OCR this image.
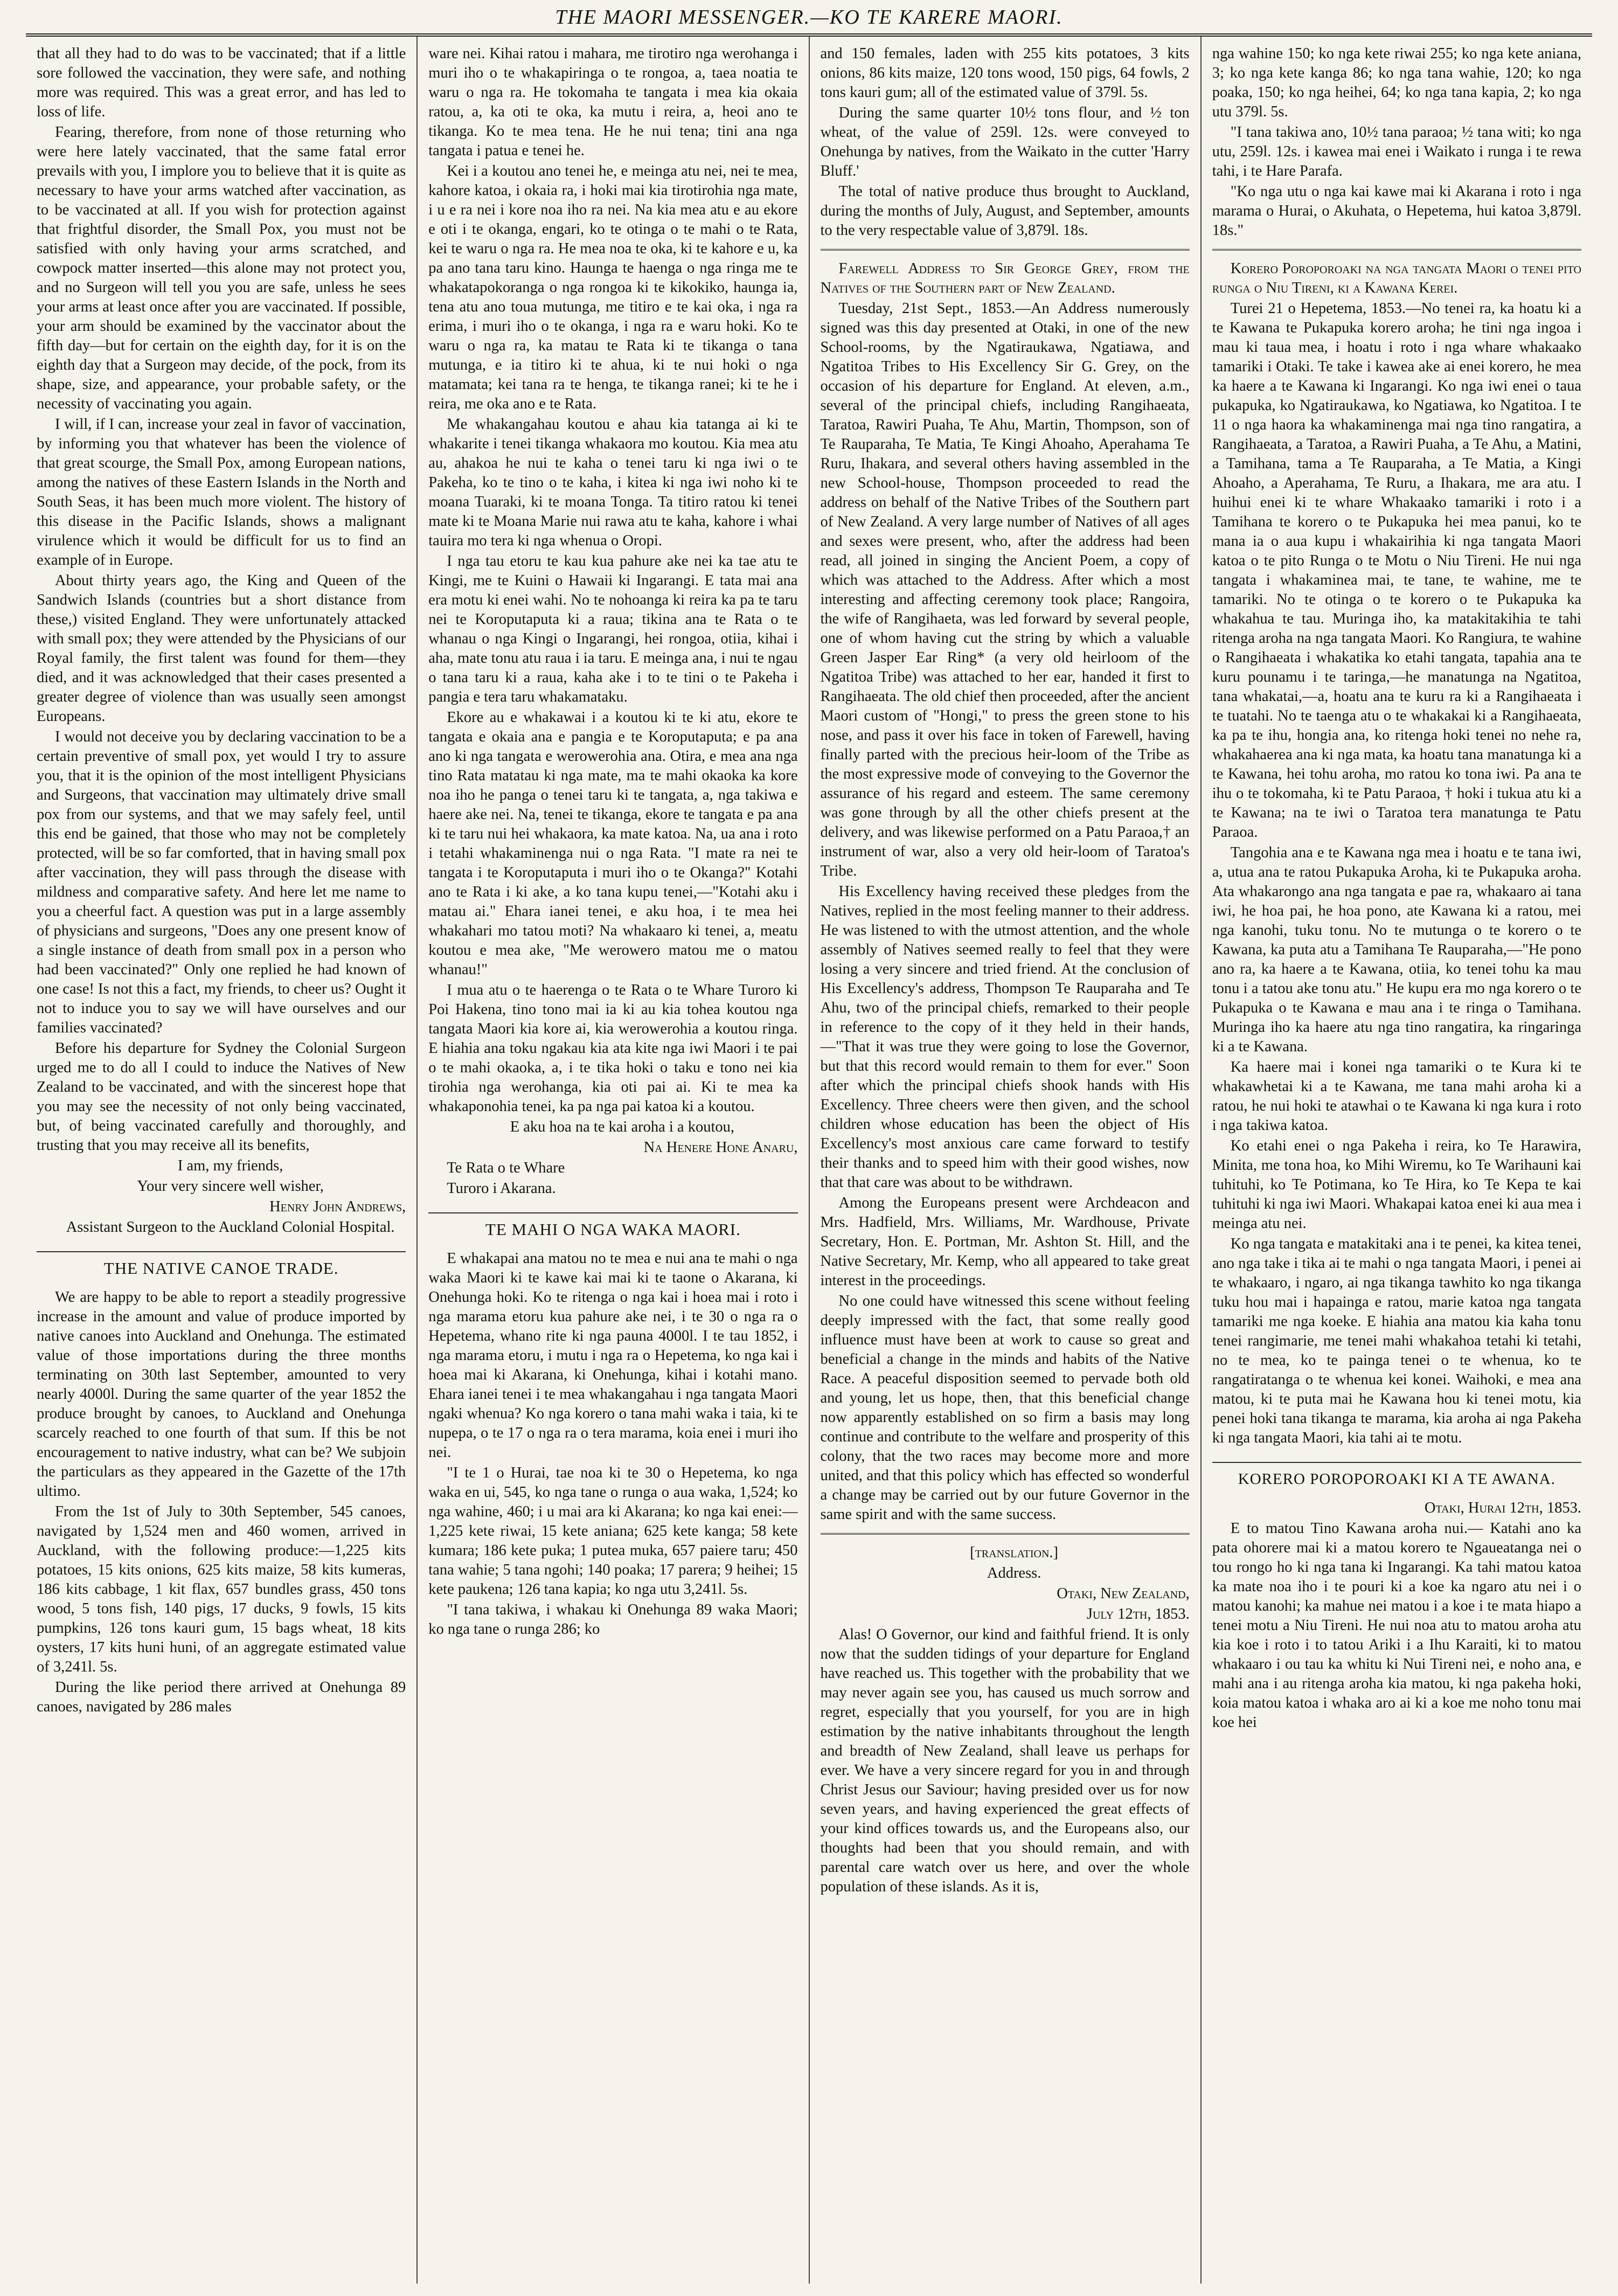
THE MAORI MESSENGER.—KO TE KARERE MAORI.

that all they had to do was to be vaccinated; that if a little sore followed the vaccination, they were safe, and nothing more was required. This was a great error, and has led to loss of life.

Fearing, therefore, from none of those returning who were here lately vaccinated, that the same fatal error prevails with you, I implore you to believe that it is quite as necessary to have your arms watched after vaccination, as to be vaccinated at all. If you wish for protection against that frightful disorder, the Small Pox, you must not be satisfied with only having your arms scratched, and cowpock matter inserted—this alone may not protect you, and no Surgeon will tell you you are safe, unless he sees your arms at least once after you are vaccinated. If possible, your arm should be examined by the vaccinator about the fifth day—but for certain on the eighth day, for it is on the eighth day that a Surgeon may decide, of the pock, from its shape, size, and appearance, your probable safety, or the necessity of vaccinating you again.

I will, if I can, increase your zeal in favor of vaccination, by informing you that whatever has been the violence of that great scourge, the Small Pox, among European nations, among the natives of these Eastern Islands in the North and South Seas, it has been much more violent. The history of this disease in the Pacific Islands, shows a malignant virulence which it would be difficult for us to find an example of in Europe.

About thirty years ago, the King and Queen of the Sandwich Islands (countries but a short distance from these,) visited England. They were unfortunately attacked with small pox; they were attended by the Physicians of our Royal family, the first talent was found for them—they died, and it was acknowledged that their cases presented a greater degree of violence than was usually seen amongst Europeans.

I would not deceive you by declaring vaccination to be a certain preventive of small pox, yet would I try to assure you, that it is the opinion of the most intelligent Physicians and Surgeons, that vaccination may ultimately drive small pox from our systems, and that we may safely feel, until this end be gained, that those who may not be completely protected, will be so far comforted, that in having small pox after vaccination, they will pass through the disease with mildness and comparative safety. And here let me name to you a cheerful fact. A question was put in a large assembly of physicians and surgeons, "Does any one present know of a single instance of death from small pox in a person who had been vaccinated?" Only one replied he had known of one case! Is not this a fact, my friends, to cheer us? Ought it not to induce you to say we will have ourselves and our families vaccinated?

Before his departure for Sydney the Colonial Surgeon urged me to do all I could to induce the Natives of New Zealand to be vaccinated, and with the sincerest hope that you may see the necessity of not only being vaccinated, but, of being vaccinated carefully and thoroughly, and trusting that you may receive all its benefits,

I am, my friends,

Your very sincere well wisher,

Henry John Andrews,

Assistant Surgeon to the Auckland Colonial Hospital.

THE NATIVE CANOE TRADE.

We are happy to be able to report a steadily progressive increase in the amount and value of produce imported by native canoes into Auckland and Onehunga. The estimated value of those importations during the three months terminating on 30th last September, amounted to very nearly 4000l. During the same quarter of the year 1852 the produce brought by canoes, to Auckland and Onehunga scarcely reached to one fourth of that sum. If this be not encouragement to native industry, what can be? We subjoin the particulars as they appeared in the Gazette of the 17th ultimo.

From the 1st of July to 30th September, 545 canoes, navigated by 1,524 men and 460 women, arrived in Auckland, with the following produce:—1,225 kits potatoes, 15 kits onions, 625 kits maize, 58 kits kumeras, 186 kits cabbage, 1 kit flax, 657 bundles grass, 450 tons wood, 5 tons fish, 140 pigs, 17 ducks, 9 fowls, 15 kits pumpkins, 126 tons kauri gum, 15 bags wheat, 18 kits oysters, 17 kits huni huni, of an aggregate estimated value of 3,241l. 5s.

During the like period there arrived at Onehunga 89 canoes, navigated by 286 males

ware nei. Kihai ratou i mahara, me tirotiro nga werohanga i muri iho o te whakapiringa o te rongoa, a, taea noatia te waru o nga ra. He tokomaha te tangata i mea kia okaia ratou, a, ka oti te oka, ka mutu i reira, a, heoi ano te tikanga. Ko te mea tena. He he nui tena; tini ana nga tangata i patua e tenei he.

Kei i a koutou ano tenei he, e meinga atu nei, nei te mea, kahore katoa, i okaia ra, i hoki mai kia tirotirohia nga mate, i u e ra nei i kore noa iho ra nei. Na kia mea atu e au ekore e oti i te okanga, engari, ko te otinga o te mahi o te Rata, kei te waru o nga ra. He mea noa te oka, ki te kahore e u, ka pa ano tana taru kino. Haunga te haenga o nga ringa me te whakatapokoranga o nga rongoa ki te kikokiko, haunga ia, tena atu ano toua mutunga, me titiro e te kai oka, i nga ra erima, i muri iho o te okanga, i nga ra e waru hoki. Ko te waru o nga ra, ka matau te Rata ki te tikanga o tana mutunga, e ia titiro ki te ahua, ki te nui hoki o nga matamata; kei tana ra te henga, te tikanga ranei; ki te he i reira, me oka ano e te Rata.

Me whakangahau koutou e ahau kia tatanga ai ki te whakarite i tenei tikanga whakaora mo koutou. Kia mea atu au, ahakoa he nui te kaha o tenei taru ki nga iwi o te Pakeha, ko te tino o te kaha, i kitea ki nga iwi noho ki te moana Tuaraki, ki te moana Tonga. Ta titiro ratou ki tenei mate ki te Moana Marie nui rawa atu te kaha, kahore i whai tauira mo tera ki nga whenua o Oropi.

I nga tau etoru te kau kua pahure ake nei ka tae atu te Kingi, me te Kuini o Hawaii ki Ingarangi. E tata mai ana era motu ki enei wahi. No te nohoanga ki reira ka pa te taru nei te Koroputaputa ki a raua; tikina ana te Rata o te whanau o nga Kingi o Ingarangi, hei rongoa, otiia, kihai i aha, mate tonu atu raua i ia taru. E meinga ana, i nui te ngau o tana taru ki a raua, kaha ake i to te tini o te Pakeha i pangia e tera taru whakamataku.

Ekore au e whakawai i a koutou ki te ki atu, ekore te tangata e okaia ana e pangia e te Koroputaputa; e pa ana ano ki nga tangata e werowerohia ana. Otira, e mea ana nga tino Rata matatau ki nga mate, ma te mahi okaoka ka kore noa iho he panga o tenei taru ki te tangata, a, nga takiwa e haere ake nei. Na, tenei te tikanga, ekore te tangata e pa ana ki te taru nui hei whakaora, ka mate katoa. Na, ua ana i roto i tetahi whakaminenga nui o nga Rata. "I mate ra nei te tangata i te Koroputaputa i muri iho o te Okanga?" Kotahi ano te Rata i ki ake, a ko tana kupu tenei,—"Kotahi aku i matau ai." Ehara ianei tenei, e aku hoa, i te mea hei whakahari mo tatou moti? Na whakaaro ki tenei, a, meatu koutou e mea ake, "Me werowero matou me o matou whanau!"

I mua atu o te haerenga o te Rata o te Whare Turoro ki Poi Hakena, tino tono mai ia ki au kia tohea koutou nga tangata Maori kia kore ai, kia werowerohia a koutou ringa. E hiahia ana toku ngakau kia ata kite nga iwi Maori i te pai o te mahi okaoka, a, i te tika hoki o taku e tono nei kia tirohia nga werohanga, kia oti pai ai. Ki te mea ka whakaponohia tenei, ka pa nga pai katoa ki a koutou.

E aku hoa na te kai aroha i a koutou,

Na Henere Hone Anaru,

Te Rata o te Whare

Turoro i Akarana.

TE MAHI O NGA WAKA MAORI.

E whakapai ana matou no te mea e nui ana te mahi o nga waka Maori ki te kawe kai mai ki te taone o Akarana, ki Onehunga hoki. Ko te ritenga o nga kai i hoea mai i roto i nga marama etoru kua pahure ake nei, i te 30 o nga ra o Hepetema, whano rite ki nga pauna 4000l. I te tau 1852, i nga marama etoru, i mutu i nga ra o Hepetema, ko nga kai i hoea mai ki Akarana, ki Onehunga, kihai i kotahi mano. Ehara ianei tenei i te mea whakangahau i nga tangata Maori ngaki whenua? Ko nga korero o tana mahi waka i taia, ki te nupepa, o te 17 o nga ra o tera marama, koia enei i muri iho nei.

"I te 1 o Hurai, tae noa ki te 30 o Hepetema, ko nga waka en ui, 545, ko nga tane o runga o aua waka, 1,524; ko nga wahine, 460; i u mai ara ki Akarana; ko nga kai enei:—1,225 kete riwai, 15 kete aniana; 625 kete kanga; 58 kete kumara; 186 kete puka; 1 putea muka, 657 paiere taru; 450 tana wahie; 5 tana ngohi; 140 poaka; 17 parera; 9 heihei; 15 kete paukena; 126 tana kapia; ko nga utu 3,241l. 5s.

"I tana takiwa, i whakau ki Onehunga 89 waka Maori; ko nga tane o runga 286; ko

and 150 females, laden with 255 kits potatoes, 3 kits onions, 86 kits maize, 120 tons wood, 150 pigs, 64 fowls, 2 tons kauri gum; all of the estimated value of 379l. 5s.

During the same quarter 10½ tons flour, and ½ ton wheat, of the value of 259l. 12s. were conveyed to Onehunga by natives, from the Waikato in the cutter 'Harry Bluff.'

The total of native produce thus brought to Auckland, during the months of July, August, and September, amounts to the very respectable value of 3,879l. 18s.

Farewell Address to Sir George Grey, from the Natives of the Southern part of New Zealand.

Tuesday, 21st Sept., 1853.—An Address numerously signed was this day presented at Otaki, in one of the new School-rooms, by the Ngatiraukawa, Ngatiawa, and Ngatitoa Tribes to His Excellency Sir G. Grey, on the occasion of his departure for England. At eleven, a.m., several of the principal chiefs, including Rangihaeata, Taratoa, Rawiri Puaha, Te Ahu, Martin, Thompson, son of Te Rauparaha, Te Matia, Te Kingi Ahoaho, Aperahama Te Ruru, Ihakara, and several others having assembled in the new School-house, Thompson proceeded to read the address on behalf of the Native Tribes of the Southern part of New Zealand. A very large number of Natives of all ages and sexes were present, who, after the address had been read, all joined in singing the Ancient Poem, a copy of which was attached to the Address. After which a most interesting and affecting ceremony took place; Rangoira, the wife of Rangihaeta, was led forward by several people, one of whom having cut the string by which a valuable Green Jasper Ear Ring* (a very old heirloom of the Ngatitoa Tribe) was attached to her ear, handed it first to Rangihaeata. The old chief then proceeded, after the ancient Maori custom of "Hongi," to press the green stone to his nose, and pass it over his face in token of Farewell, having finally parted with the precious heir-loom of the Tribe as the most expressive mode of conveying to the Governor the assurance of his regard and esteem. The same ceremony was gone through by all the other chiefs present at the delivery, and was likewise performed on a Patu Paraoa,† an instrument of war, also a very old heir-loom of Taratoa's Tribe.

His Excellency having received these pledges from the Natives, replied in the most feeling manner to their address. He was listened to with the utmost attention, and the whole assembly of Natives seemed really to feel that they were losing a very sincere and tried friend. At the conclusion of His Excellency's address, Thompson Te Rauparaha and Te Ahu, two of the principal chiefs, remarked to their people in reference to the copy of it they held in their hands,—"That it was true they were going to lose the Governor, but that this record would remain to them for ever." Soon after which the principal chiefs shook hands with His Excellency. Three cheers were then given, and the school children whose education has been the object of His Excellency's most anxious care came forward to testify their thanks and to speed him with their good wishes, now that that care was about to be withdrawn.

Among the Europeans present were Archdeacon and Mrs. Hadfield, Mrs. Williams, Mr. Wardhouse, Private Secretary, Hon. E. Portman, Mr. Ashton St. Hill, and the Native Secretary, Mr. Kemp, who all appeared to take great interest in the proceedings.

No one could have witnessed this scene without feeling deeply impressed with the fact, that some really good influence must have been at work to cause so great and beneficial a change in the minds and habits of the Native Race. A peaceful disposition seemed to pervade both old and young, let us hope, then, that this beneficial change now apparently established on so firm a basis may long continue and contribute to the welfare and prosperity of this colony, that the two races may become more and more united, and that this policy which has effected so wonderful a change may be carried out by our future Governor in the same spirit and with the same success.

[translation.]

Address.

Otaki, New Zealand,

July 12th, 1853.

Alas! O Governor, our kind and faithful friend. It is only now that the sudden tidings of your departure for England have reached us. This together with the probability that we may never again see you, has caused us much sorrow and regret, especially that you yourself, for you are in high estimation by the native inhabitants throughout the length and breadth of New Zealand, shall leave us perhaps for ever. We have a very sincere regard for you in and through Christ Jesus our Saviour; having presided over us for now seven years, and having experienced the great effects of your kind offices towards us, and the Europeans also, our thoughts had been that you should remain, and with parental care watch over us here, and over the whole population of these islands. As it is,

nga wahine 150; ko nga kete riwai 255; ko nga kete aniana, 3; ko nga kete kanga 86; ko nga tana wahie, 120; ko nga poaka, 150; ko nga heihei, 64; ko nga tana kapia, 2; ko nga utu 379l. 5s.

"I tana takiwa ano, 10½ tana paraoa; ½ tana witi; ko nga utu, 259l. 12s. i kawea mai enei i Waikato i runga i te rewa tahi, i te Hare Parafa.

"Ko nga utu o nga kai kawe mai ki Akarana i roto i nga marama o Hurai, o Akuhata, o Hepetema, hui katoa 3,879l. 18s."

Korero Poroporoaki na nga tangata Maori o tenei pito runga o Niu Tireni, ki a Kawana Kerei.

Turei 21 o Hepetema, 1853.—No tenei ra, ka hoatu ki a te Kawana te Pukapuka korero aroha; he tini nga ingoa i mau ki taua mea, i hoatu i roto i nga whare whakaako tamariki i Otaki. Te take i kawea ake ai enei korero, he mea ka haere a te Kawana ki Ingarangi. Ko nga iwi enei o taua pukapuka, ko Ngatiraukawa, ko Ngatiawa, ko Ngatitoa. I te 11 o nga haora ka whakaminenga mai nga tino rangatira, a Rangihaeata, a Taratoa, a Rawiri Puaha, a Te Ahu, a Matini, a Tamihana, tama a Te Rauparaha, a Te Matia, a Kingi Ahoaho, a Aperahama, Te Ruru, a Ihakara, me ara atu. I huihui enei ki te whare Whakaako tamariki i roto i a Tamihana te korero o te Pukapuka hei mea panui, ko te mana ia o aua kupu i whakairihia ki nga tangata Maori katoa o te pito Runga o te Motu o Niu Tireni. He nui nga tangata i whakaminea mai, te tane, te wahine, me te tamariki. No te otinga o te korero o te Pukapuka ka whakahua te tau. Muringa iho, ka matakitakihia te tahi ritenga aroha na nga tangata Maori. Ko Rangiura, te wahine o Rangihaeata i whakatika ko etahi tangata, tapahia ana te kuru pounamu i te taringa,—he manatunga na Ngatitoa, tana whakatai,—a, hoatu ana te kuru ra ki a Rangihaeata i te tuatahi. No te taenga atu o te whakakai ki a Rangihaeata, ka pa te ihu, hongia ana, ko ritenga hoki tenei no nehe ra, whakahaerea ana ki nga mata, ka hoatu tana manatunga ki a te Kawana, hei tohu aroha, mo ratou ko tona iwi. Pa ana te ihu o te tokomaha, ki te Patu Paraoa, † hoki i tukua atu ki a te Kawana; na te iwi o Taratoa tera manatunga te Patu Paraoa.

Tangohia ana e te Kawana nga mea i hoatu e te tana iwi, a, utua ana te ratou Pukapuka Aroha, ki te Pukapuka aroha. Ata whakarongo ana nga tangata e pae ra, whakaaro ai tana iwi, he hoa pai, he hoa pono, ate Kawana ki a ratou, mei nga kanohi, tuku tonu. No te mutunga o te korero o te Kawana, ka puta atu a Tamihana Te Rauparaha,—"He pono ano ra, ka haere a te Kawana, otiia, ko tenei tohu ka mau tonu i a tatou ake tonu atu." He kupu era mo nga korero o te Pukapuka o te Kawana e mau ana i te ringa o Tamihana. Muringa iho ka haere atu nga tino rangatira, ka ringaringa ki a te Kawana.

Ka haere mai i konei nga tamariki o te Kura ki te whakawhetai ki a te Kawana, me tana mahi aroha ki a ratou, he nui hoki te atawhai o te Kawana ki nga kura i roto i nga takiwa katoa.

Ko etahi enei o nga Pakeha i reira, ko Te Harawira, Minita, me tona hoa, ko Mihi Wiremu, ko Te Warihauni kai tuhituhi, ko Te Potimana, ko Te Hira, ko Te Kepa te kai tuhituhi ki nga iwi Maori. Whakapai katoa enei ki aua mea i meinga atu nei.

Ko nga tangata e matakitaki ana i te penei, ka kitea tenei, ano nga take i tika ai te mahi o nga tangata Maori, i penei ai te whakaaro, i ngaro, ai nga tikanga tawhito ko nga tikanga tuku hou mai i hapainga e ratou, marie katoa nga tangata tamariki me nga koeke. E hiahia ana matou kia kaha tonu tenei rangimarie, me tenei mahi whakahoa tetahi ki tetahi, no te mea, ko te painga tenei o te whenua, ko te rangatiratanga o te whenua kei konei. Waihoki, e mea ana matou, ki te puta mai he Kawana hou ki tenei motu, kia penei hoki tana tikanga te marama, kia aroha ai nga Pakeha ki nga tangata Maori, kia tahi ai te motu.

KORERO POROPOROAKI KI A TE AWANA.

Otaki, Hurai 12th, 1853.

E to matou Tino Kawana aroha nui.— Katahi ano ka pata ohorere mai ki a matou korero te Ngaueatanga nei o tou rongo ho ki nga tana ki Ingarangi. Ka tahi matou katoa ka mate noa iho i te pouri ki a koe ka ngaro atu nei i o matou kanohi; ka mahue nei matou i a koe i te mata hiapo a tenei motu a Niu Tireni. He nui noa atu to matou aroha atu kia koe i roto i to tatou Ariki i a Ihu Karaiti, ki to matou whakaaro i ou tau ka whitu ki Nui Tireni nei, e noho ana, e mahi ana i au ritenga aroha kia matou, ki nga pakeha hoki, koia matou katoa i whaka aro ai ki a koe me noho tonu mai koe hei
